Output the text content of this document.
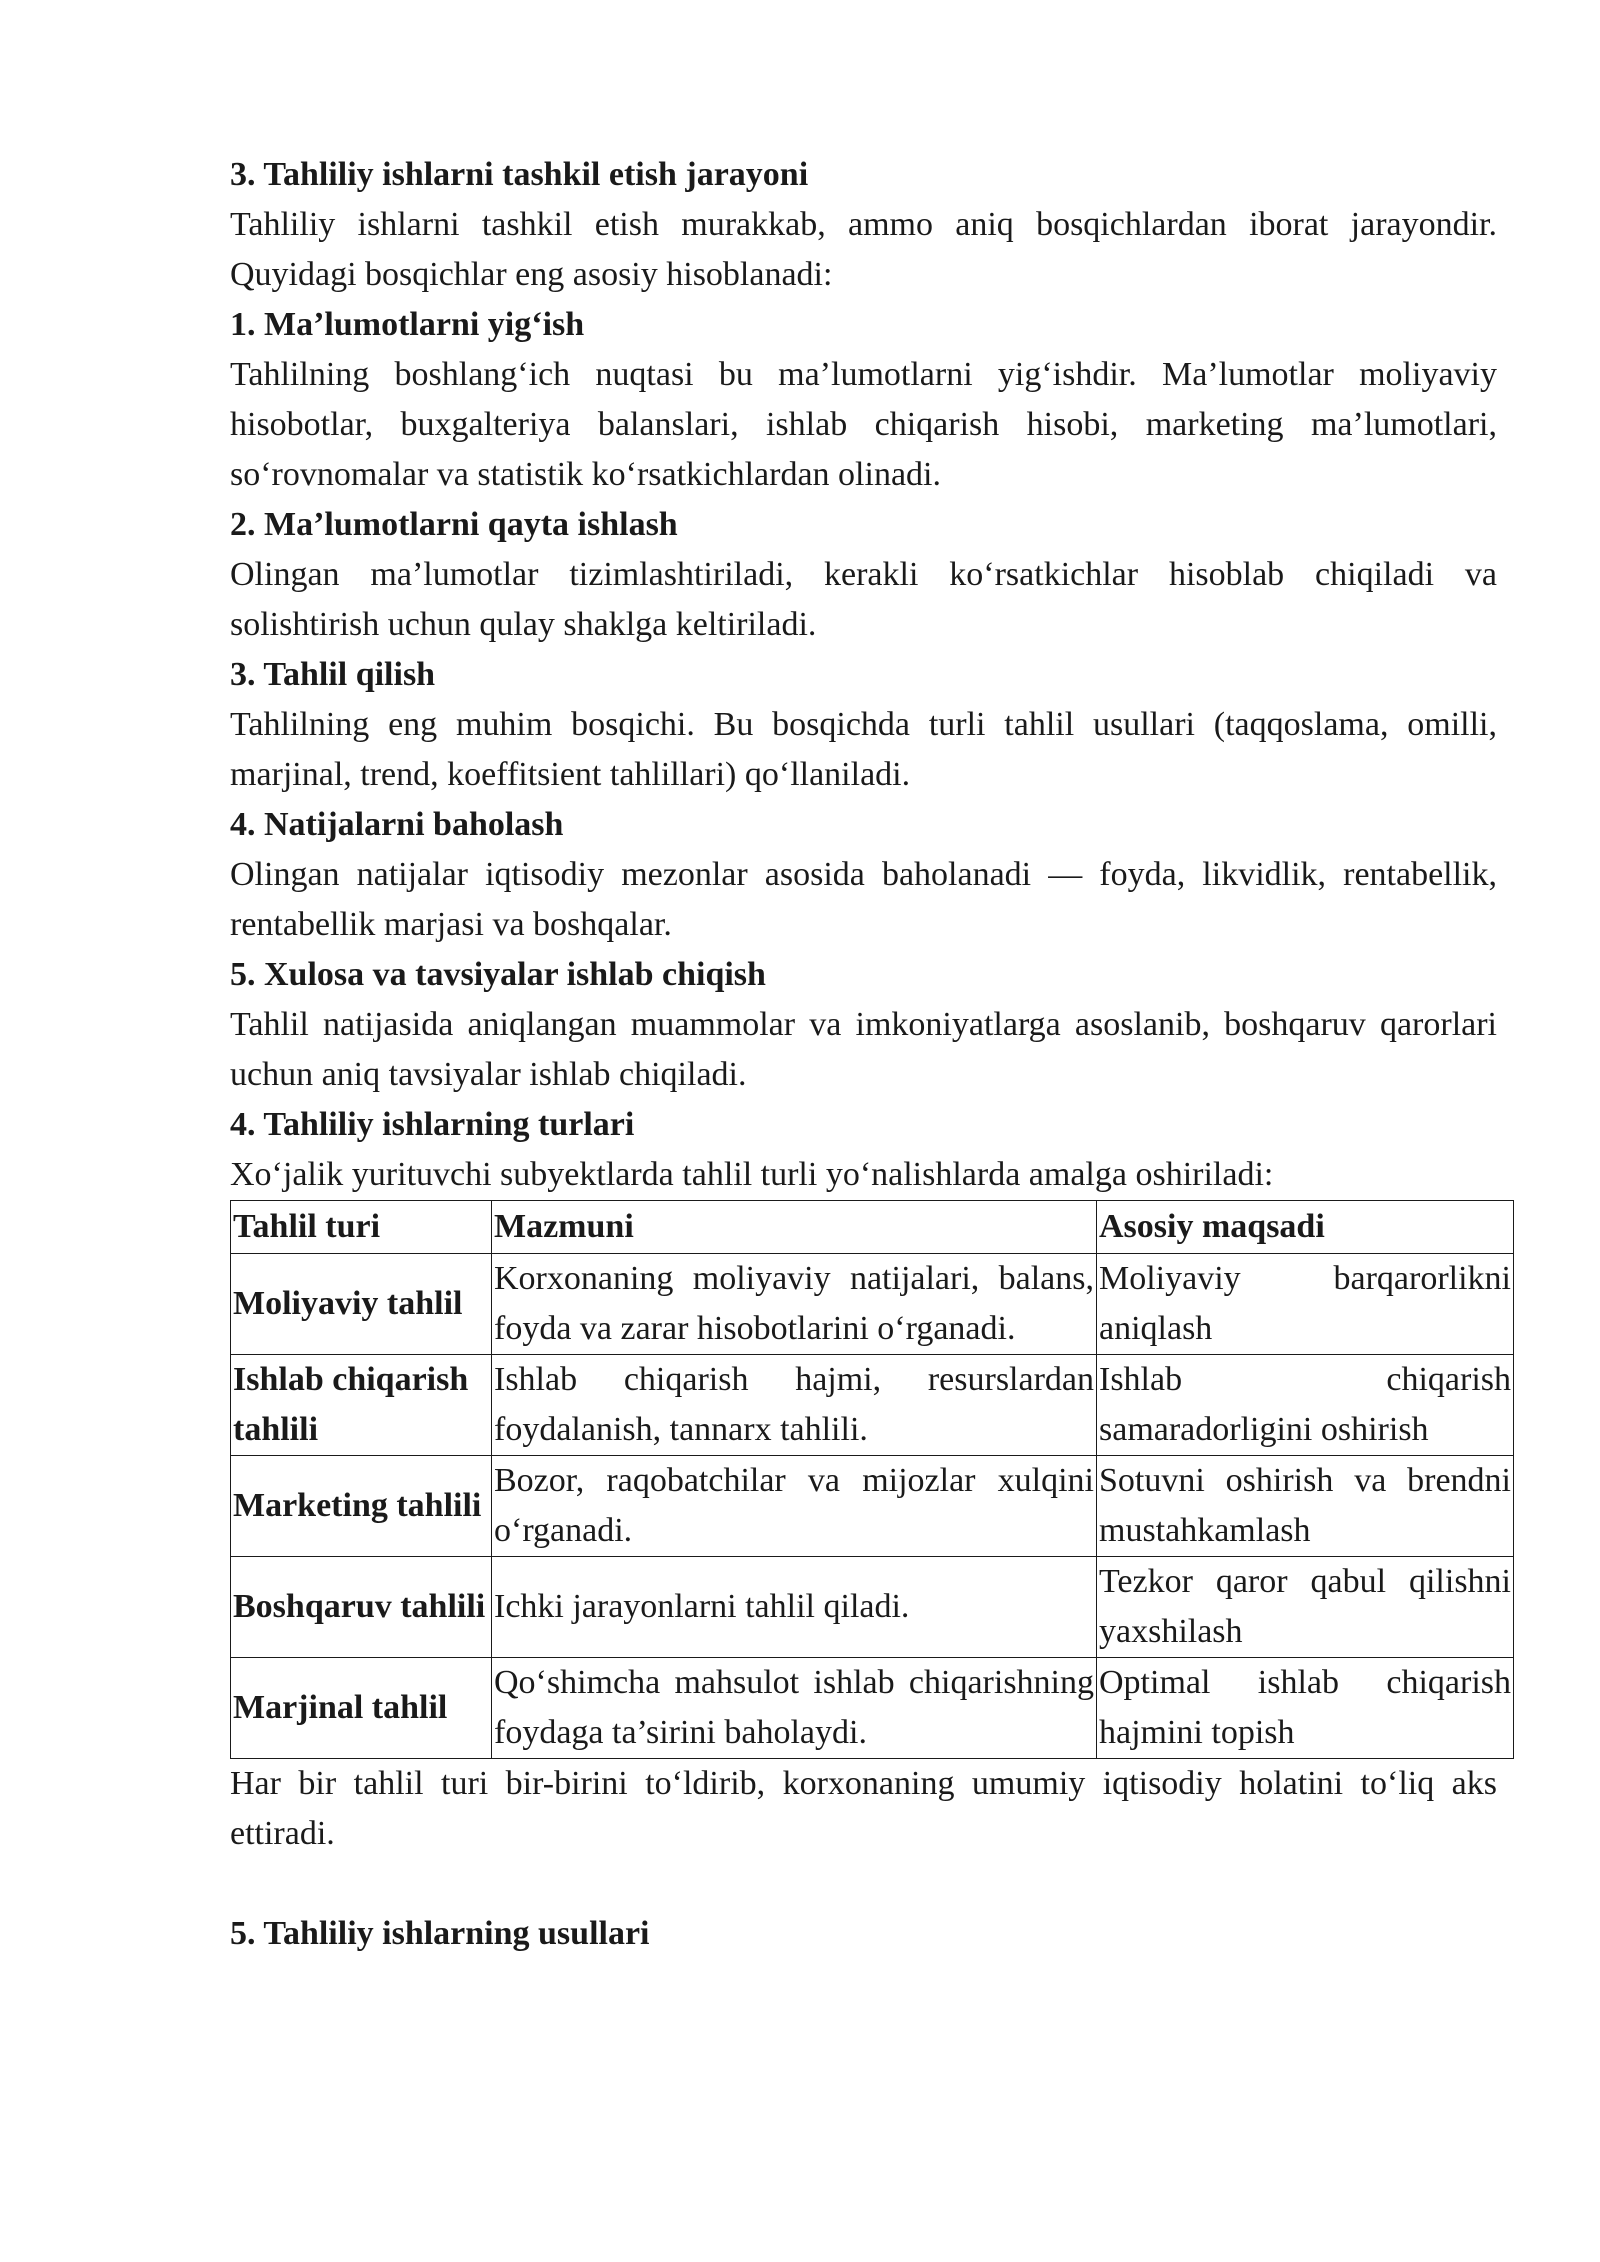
3. Tahliliy ishlarni tashkil etish jarayoni

Tahliliy ishlarni tashkil etish murakkab, ammo aniq bosqichlardan iborat jarayondir. Quyidagi bosqichlar eng asosiy hisoblanadi:

1. Ma’lumotlarni yig‘ish

Tahlilning boshlang‘ich nuqtasi bu ma’lumotlarni yig‘ishdir. Ma’lumotlar moliyaviy hisobotlar, buxgalteriya balanslari, ishlab chiqarish hisobi, marketing ma’lumotlari, so‘rovnomalar va statistik ko‘rsatkichlardan olinadi.

2. Ma’lumotlarni qayta ishlash

Olingan ma’lumotlar tizimlashtiriladi, kerakli ko‘rsatkichlar hisoblab chiqiladi va solishtirish uchun qulay shaklga keltiriladi.

3. Tahlil qilish

Tahlilning eng muhim bosqichi. Bu bosqichda turli tahlil usullari (taqqoslama, omilli, marjinal, trend, koeffitsient tahlillari) qo‘llaniladi.

4. Natijalarni baholash

Olingan natijalar iqtisodiy mezonlar asosida baholanadi — foyda, likvidlik, rentabellik, rentabellik marjasi va boshqalar.

5. Xulosa va tavsiyalar ishlab chiqish

Tahlil natijasida aniqlangan muammolar va imkoniyatlarga asoslanib, boshqaruv qarorlari uchun aniq tavsiyalar ishlab chiqiladi.

4. Tahliliy ishlarning turlari

Xo‘jalik yurituvchi subyektlarda tahlil turli yo‘nalishlarda amalga oshiriladi:

Tahlil turi	Mazmuni	Asosiy maqsadi
Moliyaviy tahlil	Korxonaning moliyaviy natijalari, balans, foyda va zarar hisobotlarini o‘rganadi.	Moliyaviy barqarorlikni aniqlash
Ishlab chiqarish tahlili	Ishlab chiqarish hajmi, resurslardan foydalanish, tannarx tahlili.	Ishlab chiqarish samaradorligini oshirish
Marketing tahlili	Bozor, raqobatchilar va mijozlar xulqini o‘rganadi.	Sotuvni oshirish va brendni mustahkamlash
Boshqaruv tahlili	Ichki jarayonlarni tahlil qiladi.	Tezkor qaror qabul qilishni yaxshilash
Marjinal tahlil	Qo‘shimcha mahsulot ishlab chiqarishning foydaga ta’sirini baholaydi.	Optimal ishlab chiqarish hajmini topish

Har bir tahlil turi bir-birini to‘ldirib, korxonaning umumiy iqtisodiy holatini to‘liq aks ettiradi.

5. Tahliliy ishlarning usullari
